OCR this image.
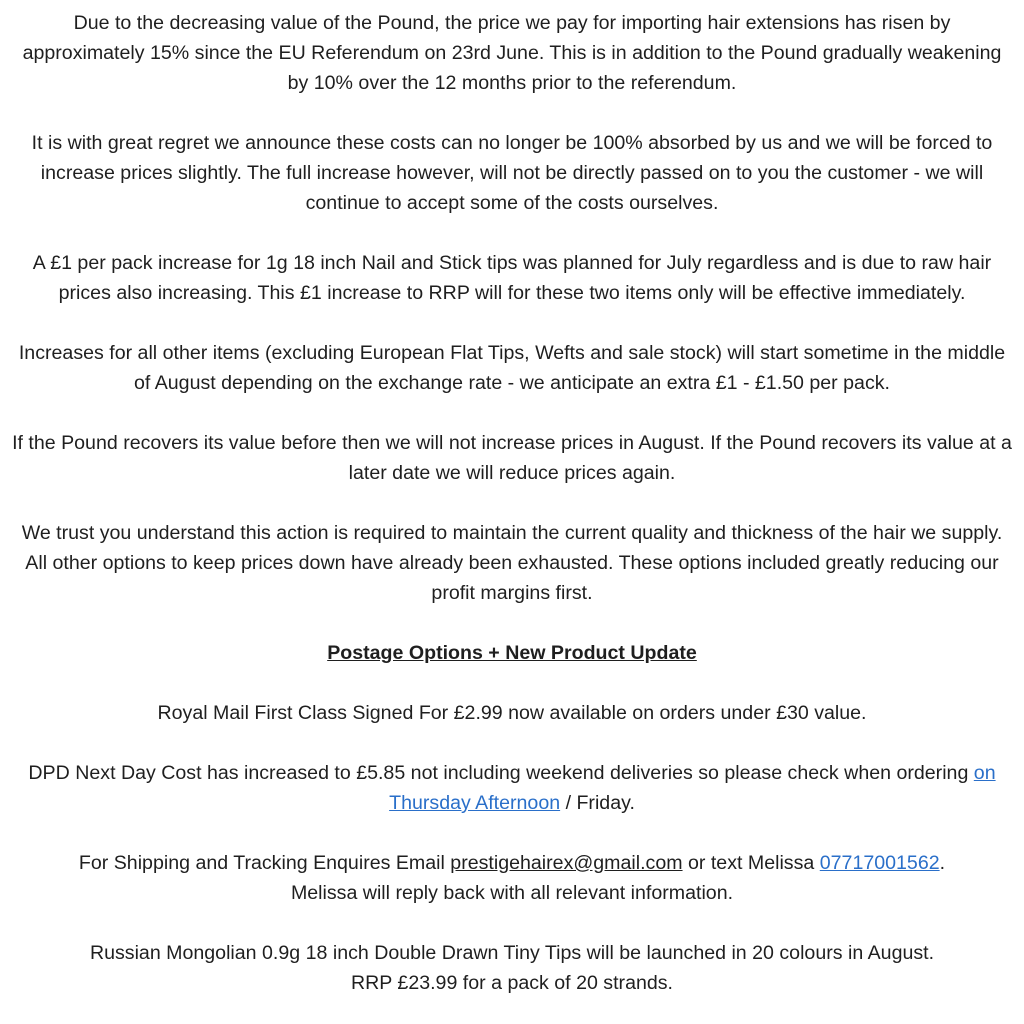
Due to the decreasing value of the Pound, the price we pay for importing hair extensions has risen by approximately 15% since the EU Referendum on 23rd June. This is in addition to the Pound gradually weakening by 10% over the 12 months prior to the referendum.

It is with great regret we announce these costs can no longer be 100% absorbed by us and we will be forced to increase prices slightly. The full increase however, will not be directly passed on to you the customer - we will continue to accept some of the costs ourselves.

A £1 per pack increase for 1g 18 inch Nail and Stick tips was planned for July regardless and is due to raw hair prices also increasing. This £1 increase to RRP will for these two items only will be effective immediately.

Increases for all other items (excluding European Flat Tips, Wefts and sale stock) will start sometime in the middle of August depending on the exchange rate - we anticipate an extra £1 - £1.50 per pack.

If the Pound recovers its value before then we will not increase prices in August. If the Pound recovers its value at a later date we will reduce prices again.

We trust you understand this action is required to maintain the current quality and thickness of the hair we supply. All other options to keep prices down have already been exhausted. These options included greatly reducing our profit margins first.

Postage Options + New Product Update

Royal Mail First Class Signed For £2.99 now available on orders under £30 value.

DPD Next Day Cost has increased to £5.85 not including weekend deliveries so please check when ordering on Thursday Afternoon / Friday.

For Shipping and Tracking Enquires Email prestigehairex@gmail.com or text Melissa 07717001562.
Melissa will reply back with all relevant information.

Russian Mongolian 0.9g 18 inch Double Drawn Tiny Tips will be launched in 20 colours in August.
RRP £23.99 for a pack of 20 strands.
